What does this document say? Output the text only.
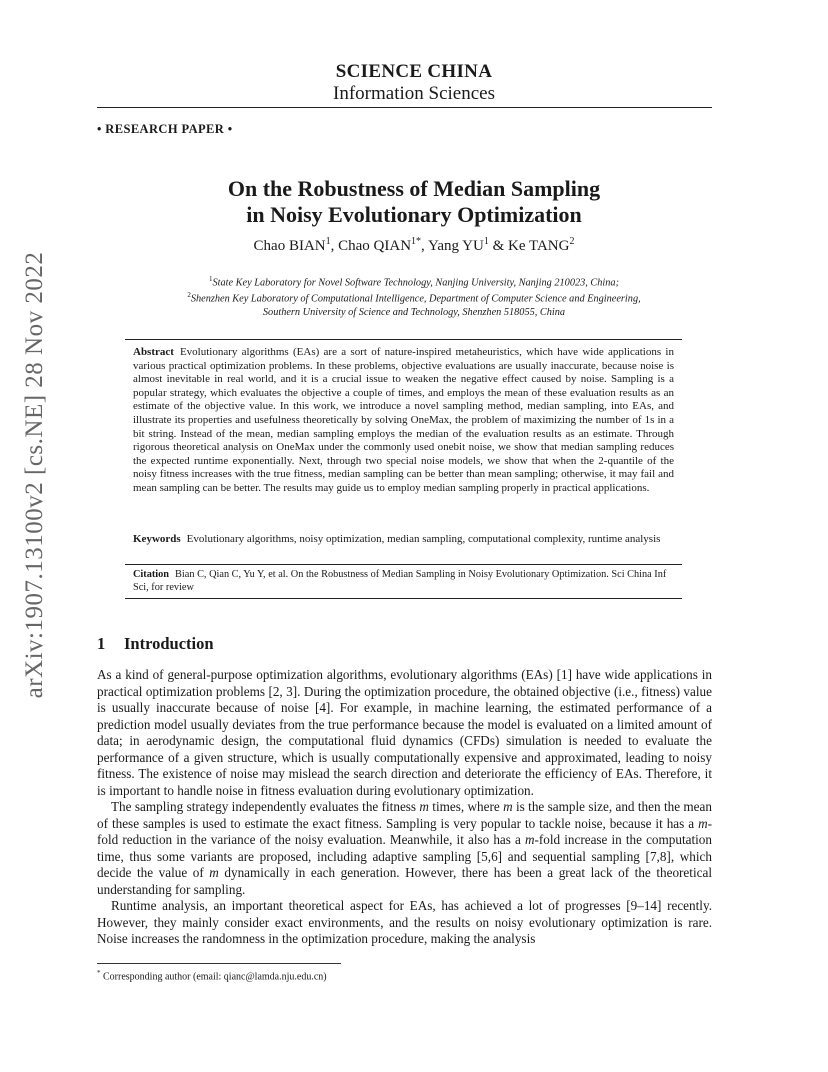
arXiv:1907.13100v2 [cs.NE] 28 Nov 2022
SCIENCE CHINA
Information Sciences
• RESEARCH PAPER •
On the Robustness of Median Sampling
in Noisy Evolutionary Optimization
Chao BIAN$^1$, Chao $QIAN^{1*}$, Yang $YU^1$ & Ke TANG$^2$
$^1$State Key Laboratory for Novel Software Technology, Nanjing University, Nanjing 210023, China;
$^2$Shenzhen Key Laboratory of Computational Intelligence, Department of Computer Science and Engineering,
Southern University of Science and Technology, Shenzhen 518055, China
Abstract Evolutionary algorithms (EAs) are a sort of nature-inspired metaheuristics, which have wide applications in various practical optimization problems. In these problems, objective evaluations are usually inaccurate, because noise is almost inevitable in real world, and it is a crucial issue to weaken the negative effect caused by noise. Sampling is a popular strategy, which evaluates the objective a couple of times, and employs the mean of these evaluation results as an estimate of the objective value. In this work, we introduce a novel sampling method, median sampling, into EAs, and illustrate its properties and usefulness theoretically by solving OneMax, the problem of maximizing the number of 1s in a bit string. Instead of the mean, median sampling employs the median of the evaluation results as an estimate. Through rigorous theoretical analysis on OneMax under the commonly used onebit noise, we show that median sampling reduces the expected runtime exponentially. Next, through two special noise models, we show that when the 2-quantile of the noisy fitness increases with the true fitness, median sampling can be better than mean sampling; otherwise, it may fail and mean sampling can be better. The results may guide us to employ median sampling properly in practical applications.
Keywords Evolutionary algorithms, noisy optimization, median sampling, computational complexity, runtime analysis
Citation Bian C, Qian C, Yu Y, et al. On the Robustness of Median Sampling in Noisy Evolutionary Optimization. Sci China Inf Sci, for review
1 Introduction

As a kind of general-purpose optimization algorithms, evolutionary algorithms (EAs) [1] have wide applications in practical optimization problems [2, 3]. During the optimization procedure, the obtained objective (i.e., fitness) value is usually inaccurate because of noise [4]. For example, in machine learning, the estimated performance of a prediction model usually deviates from the true performance because the model is evaluated on a limited amount of data; in aerodynamic design, the computational fluid dynamics (CFDs) simulation is needed to evaluate the performance of a given structure, which is usually computationally expensive and approximated, leading to noisy fitness. The existence of noise may mislead the search direction and deteriorate the efficiency of EAs. Therefore, it is important to handle noise in fitness evaluation during evolutionary optimization.

The sampling strategy independently evaluates the fitness m times, where m is the sample size, and then the mean of these samples is used to estimate the exact fitness. Sampling is very popular to tackle noise, because it has a m-fold reduction in the variance of the noisy evaluation. Meanwhile, it also has a m-fold increase in the computation time, thus some variants are proposed, including adaptive sampling [5,6] and sequential sampling [7,8], which decide the value of m dynamically in each generation. However, there has been a great lack of the theoretical understanding for sampling.

Runtime analysis, an important theoretical aspect for EAs, has achieved a lot of progresses [9–14] recently. However, they mainly consider exact environments, and the results on noisy evolutionary optimization is rare. Noise increases the randomness in the optimization procedure, making the analysis

* Corresponding author (email: qianc@lamda.nju.edu.cn)
